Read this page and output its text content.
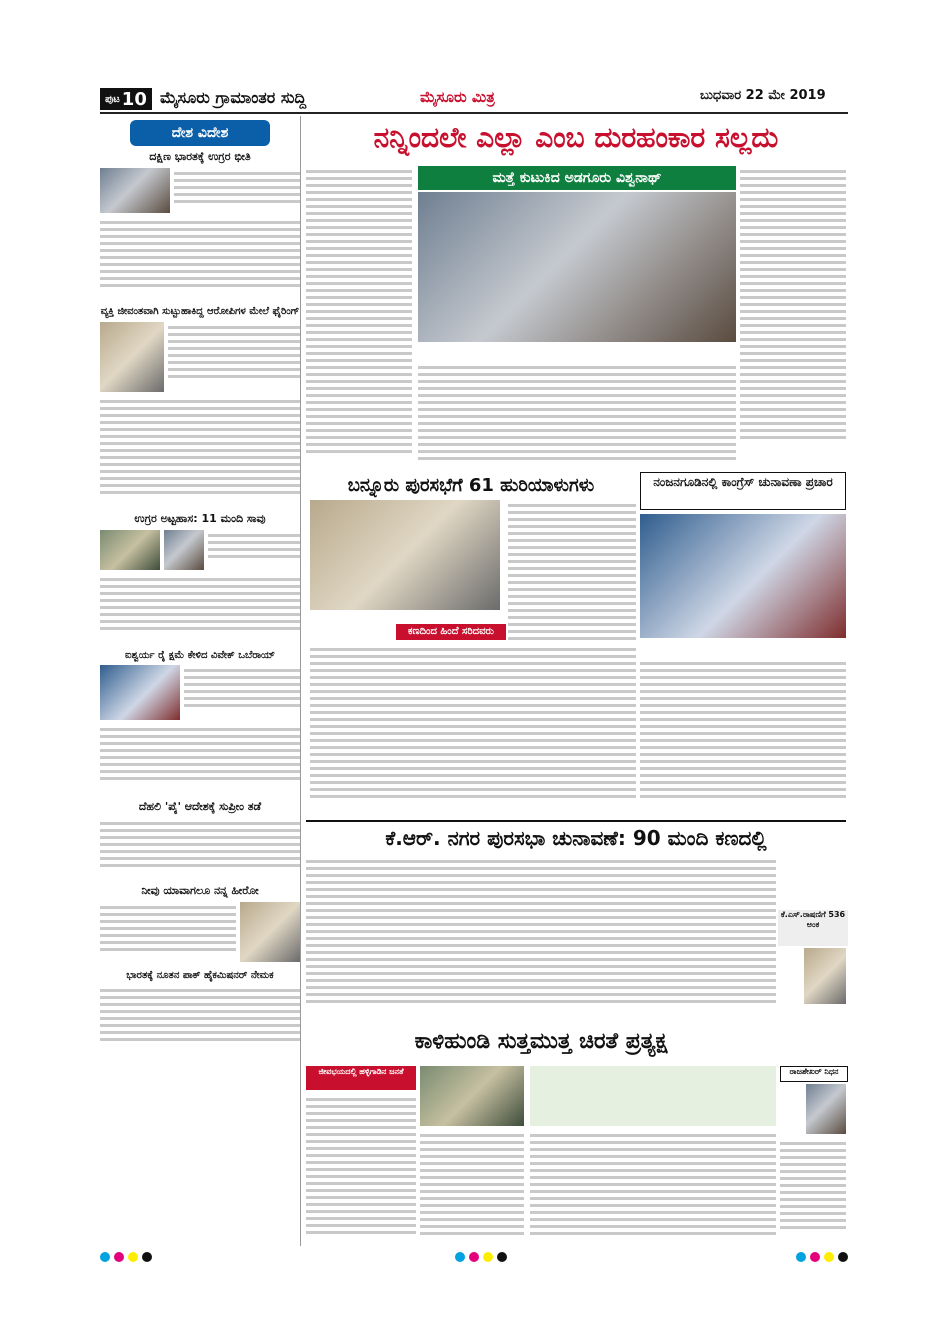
ಪುಟ 10 ಮೈಸೂರು ಗ್ರಾಮಾಂತರ ಸುದ್ದಿ	ಮೈಸೂರು ಮಿತ್ರ	ಬುಧವಾರ 22 ಮೇ 2019
ದೇಶ ವಿದೇಶ
ದಕ್ಷಿಣ ಭಾರತಕ್ಕೆ ಉಗ್ರರ ಭೀತಿ
ವ್ಯಕ್ತಿ ಜೀವಂತವಾಗಿ ಸುಟ್ಟುಹಾಕಿದ್ದ ಆರೋಪಿಗಳ ಮೇಲೆ ಫೈರಿಂಗ್
ಉಗ್ರರ ಅಟ್ಟಹಾಸ: 11 ಮಂದಿ ಸಾವು
ಐಶ್ವರ್ಯ ರೈ ಕ್ಷಮೆ ಕೇಳಿದ ವಿವೇಕ್ ಒಬೆರಾಯ್
ದೆಹಲಿ 'ಪೈ' ಆದೇಶಕ್ಕೆ ಸುಪ್ರೀಂ ತಡೆ
ನೀವು ಯಾವಾಗಲೂ ನನ್ನ ಹೀರೋ
ಭಾರತಕ್ಕೆ ನೂತನ ಪಾಕ್ ಹೈಕಮಿಷನರ್ ನೇಮಕ
ನನ್ನಿಂದಲೇ ಎಲ್ಲಾ ಎಂಬ ದುರಹಂಕಾರ ಸಲ್ಲದು
ಮತ್ತೆ ಕುಟುಕಿದ ಅಡಗೂರು ವಿಶ್ವನಾಥ್
ಬನ್ನೂರು ಪುರಸಭೆಗೆ 61 ಹುರಿಯಾಳುಗಳು
ಕಣದಿಂದ ಹಿಂದೆ ಸರಿದವರು
ನಂಜನಗೂಡಿನಲ್ಲಿ ಕಾಂಗ್ರೆಸ್ ಚುನಾವಣಾ ಪ್ರಚಾರ
ಕೆ.ಆರ್. ನಗರ ಪುರಸಭಾ ಚುನಾವಣೆ: 90 ಮಂದಿ ಕಣದಲ್ಲಿ
ಕೆ.ಎಸ್.ರಾಷಣಿಗೆ 536 ಅಂಕ
ಕಾಳಿಹುಂಡಿ ಸುತ್ತಮುತ್ತ ಚಿರತೆ ಪ್ರತ್ಯಕ್ಷ
ಜೀವಭಯದಲ್ಲಿ ಹಳ್ಳಿಗಾಡಿನ ಜನತೆ	ರಾಜಶೇಖರ್ ನಿಧನ
